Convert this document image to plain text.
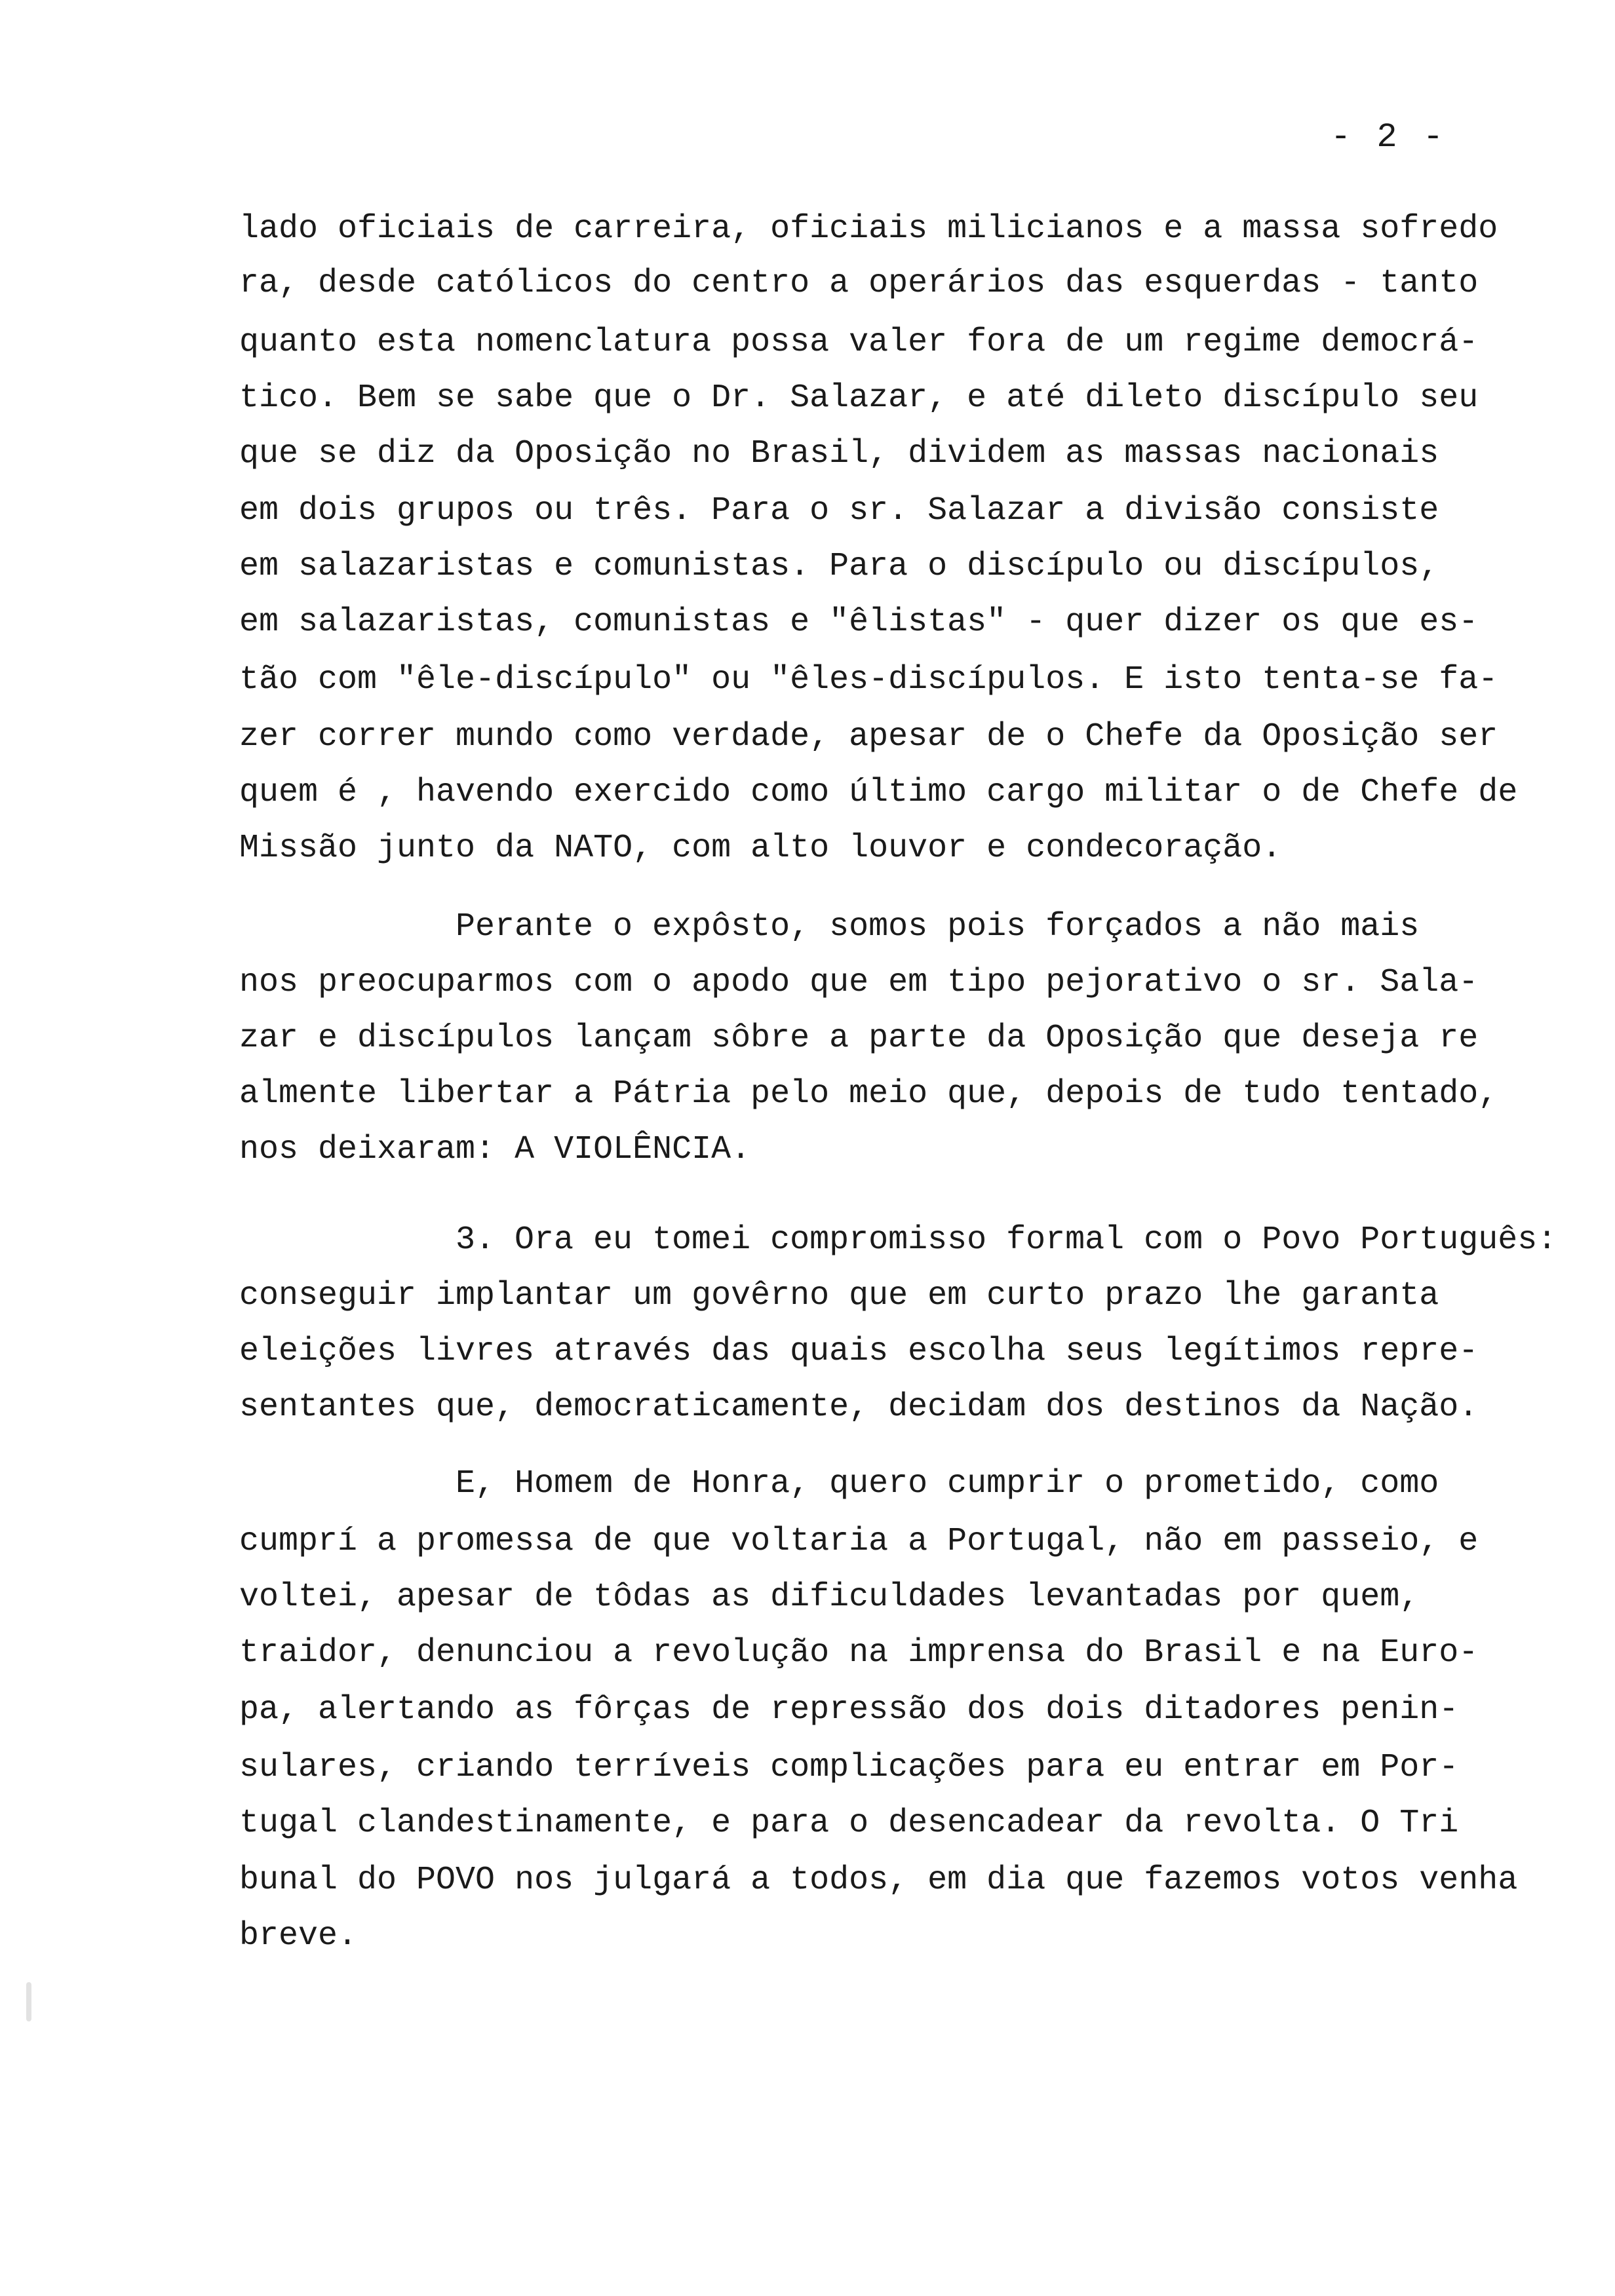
- 2 -
lado oficiais de carreira, oficiais milicianos e a massa sofredo
ra, desde católicos do centro a operários das esquerdas - tanto
quanto esta nomenclatura possa valer fora de um regime democrá-
tico. Bem se sabe que o Dr. Salazar, e até dileto discípulo seu
que se diz da Oposição no Brasil, dividem as massas nacionais
em dois grupos ou três. Para o sr. Salazar a divisão consiste
em salazaristas e comunistas. Para o discípulo ou discípulos,
em salazaristas, comunistas e "êlistas" - quer dizer os que es-
tão com "êle-discípulo" ou "êles-discípulos. E isto tenta-se fa-
zer correr mundo como verdade, apesar de o Chefe da Oposição ser
quem é , havendo exercido como último cargo militar o de Chefe de
Missão junto da NATO, com alto louvor e condecoração.
Perante o expôsto, somos pois forçados a não mais
nos preocuparmos com o apodo que em tipo pejorativo o sr. Sala-
zar e discípulos lançam sôbre a parte da Oposição que deseja re
almente libertar a Pátria pelo meio que, depois de tudo tentado,
nos deixaram: A VIOLÊNCIA.
3. Ora eu tomei compromisso formal com o Povo Português:
conseguir implantar um govêrno que em curto prazo lhe garanta
eleições livres através das quais escolha seus legítimos repre-
sentantes que, democraticamente, decidam dos destinos da Nação.
E, Homem de Honra, quero cumprir o prometido, como
cumprí a promessa de que voltaria a Portugal, não em passeio, e
voltei, apesar de tôdas as dificuldades levantadas por quem,
traidor, denunciou a revolução na imprensa do Brasil e na Euro-
pa, alertando as fôrças de repressão dos dois ditadores penin-
sulares, criando terríveis complicações para eu entrar em Por-
tugal clandestinamente, e para o desencadear da revolta. O Tri
bunal do POVO nos julgará a todos, em dia que fazemos votos venha
breve.
